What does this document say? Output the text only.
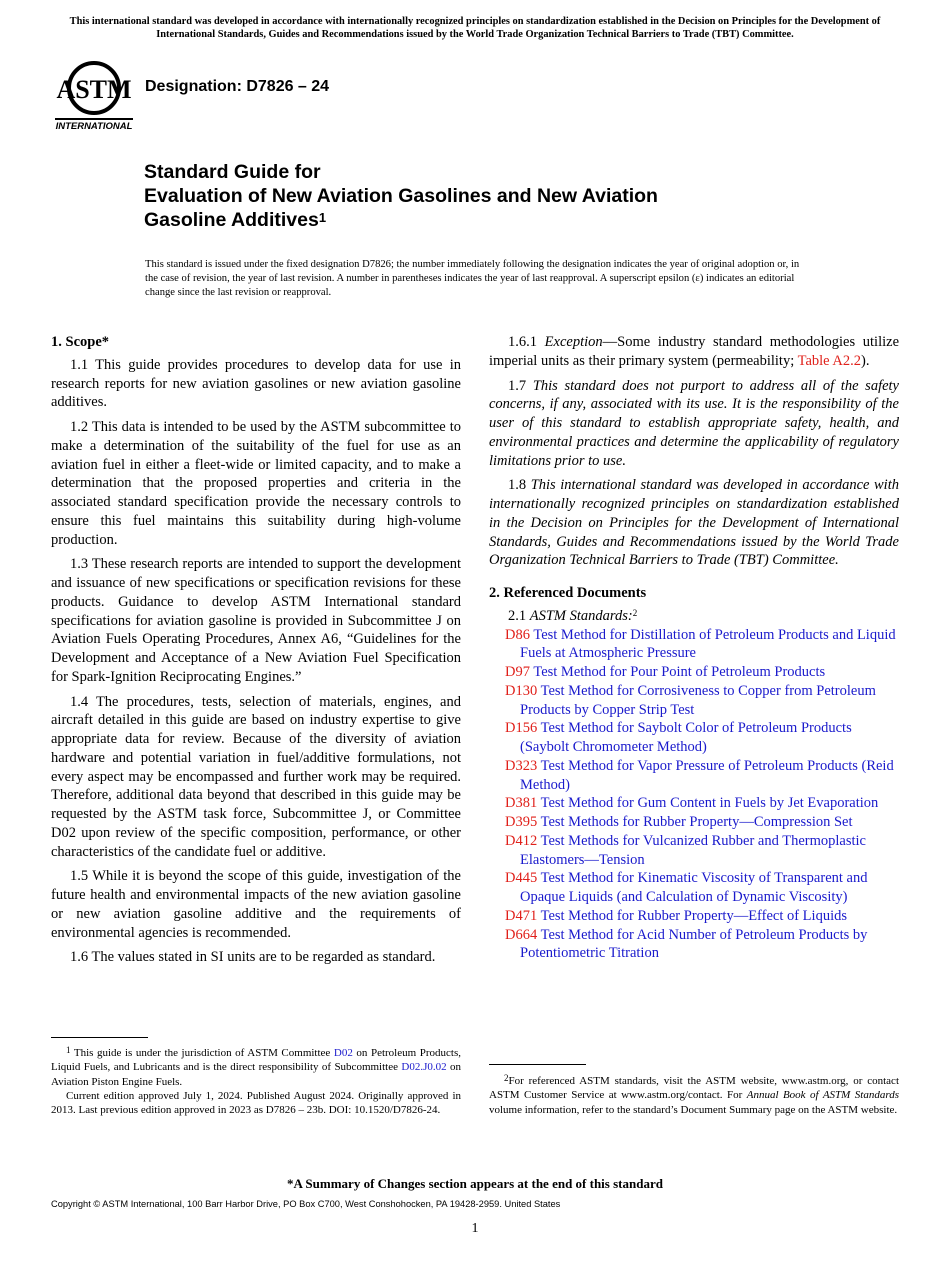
This international standard was developed in accordance with internationally recognized principles on standardization established in the Decision on Principles for the Development of International Standards, Guides and Recommendations issued by the World Trade Organization Technical Barriers to Trade (TBT) Committee.
ASTM
INTERNATIONAL
Designation: D7826 – 24
Standard Guide for
Evaluation of New Aviation Gasolines and New Aviation
Gasoline Additives$^1$
This standard is issued under the fixed designation D7826; the number immediately following the designation indicates the year of original adoption or, in the case of revision, the year of last revision. A number in parentheses indicates the year of last reapproval. A superscript epsilon (ε) indicates an editorial change since the last revision or reapproval.
1. Scope*

1.1 This guide provides procedures to develop data for use in research reports for new aviation gasolines or new aviation gasoline additives.

1.2 This data is intended to be used by the ASTM subcommittee to make a determination of the suitability of the fuel for use as an aviation fuel in either a fleet-wide or limited capacity, and to make a determination that the proposed properties and criteria in the associated standard specification provide the necessary controls to ensure this fuel maintains this suitability during high-volume production.

1.3 These research reports are intended to support the development and issuance of new specifications or specification revisions for these products. Guidance to develop ASTM International standard specifications for aviation gasoline is provided in Subcommittee J on Aviation Fuels Operating Procedures, Annex A6, “Guidelines for the Development and Acceptance of a New Aviation Fuel Specification for Spark-Ignition Reciprocating Engines.”

1.4 The procedures, tests, selection of materials, engines, and aircraft detailed in this guide are based on industry expertise to give appropriate data for review. Because of the diversity of aviation hardware and potential variation in fuel/additive formulations, not every aspect may be encompassed and further work may be required. Therefore, additional data beyond that described in this guide may be requested by the ASTM task force, Subcommittee J, or Committee D02 upon review of the specific composition, performance, or other characteristics of the candidate fuel or additive.

1.5 While it is beyond the scope of this guide, investigation of the future health and environmental impacts of the new aviation gasoline or new aviation gasoline additive and the requirements of environmental agencies is recommended.

1.6 The values stated in SI units are to be regarded as standard.

$^1$ This guide is under the jurisdiction of ASTM Committee D02 on Petroleum Products, Liquid Fuels, and Lubricants and is the direct responsibility of Subcommittee D02.J0.02 on Aviation Piston Engine Fuels.

Current edition approved July 1, 2024. Published August 2024. Originally approved in 2013. Last previous edition approved in 2023 as D7826 – 23b. DOI: 10.1520/D7826-24.

1.6.1 Exception—Some industry standard methodologies utilize imperial units as their primary system (permeability; Table A2.2).

1.7 This standard does not purport to address all of the safety concerns, if any, associated with its use. It is the responsibility of the user of this standard to establish appropriate safety, health, and environmental practices and determine the applicability of regulatory limitations prior to use.

1.8 This international standard was developed in accordance with internationally recognized principles on standardization established in the Decision on Principles for the Development of International Standards, Guides and Recommendations issued by the World Trade Organization Technical Barriers to Trade (TBT) Committee.

2. Referenced Documents

2.1 ASTM Standards:$^2$

D86 Test Method for Distillation of Petroleum Products and Liquid Fuels at Atmospheric Pressure
D97 Test Method for Pour Point of Petroleum Products
D130 Test Method for Corrosiveness to Copper from Petroleum Products by Copper Strip Test
D156 Test Method for Saybolt Color of Petroleum Products (Saybolt Chromometer Method)
D323 Test Method for Vapor Pressure of Petroleum Products (Reid Method)
D381 Test Method for Gum Content in Fuels by Jet Evaporation
D395 Test Methods for Rubber Property—Compression Set
D412 Test Methods for Vulcanized Rubber and Thermoplastic Elastomers—Tension
D445 Test Method for Kinematic Viscosity of Transparent and Opaque Liquids (and Calculation of Dynamic Viscosity)
D471 Test Method for Rubber Property—Effect of Liquids
D664 Test Method for Acid Number of Petroleum Products by Potentiometric Titration

$^2$For referenced ASTM standards, visit the ASTM website, www.astm.org, or contact ASTM Customer Service at www.astm.org/contact. For Annual Book of ASTM Standards volume information, refer to the standard’s Document Summary page on the ASTM website.

*A Summary of Changes section appears at the end of this standard
Copyright © ASTM International, 100 Barr Harbor Drive, PO Box C700, West Conshohocken, PA 19428-2959. United States
1
